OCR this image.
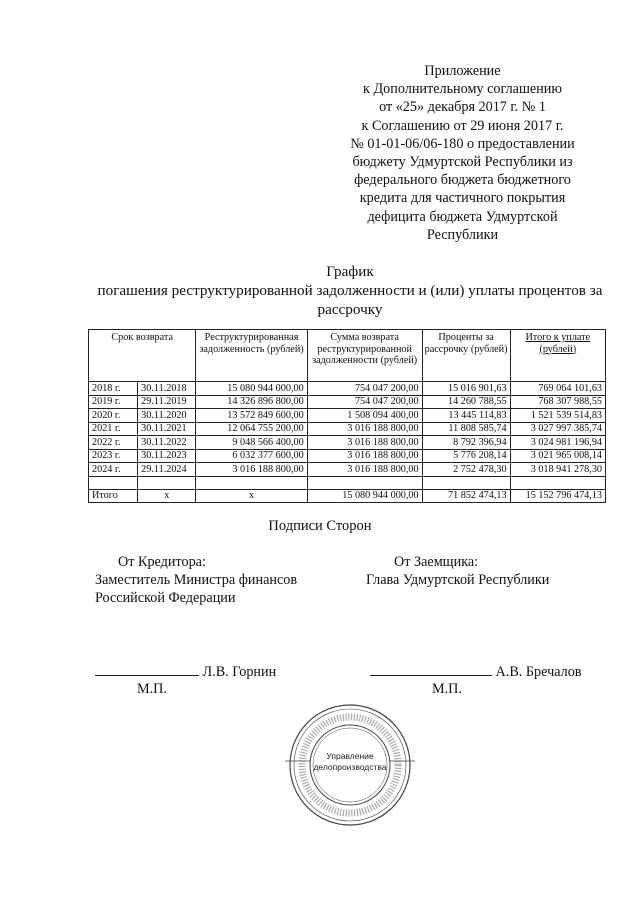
Приложение
к Дополнительному соглашению
от «25» декабря 2017 г. № 1
к Соглашению от 29 июня 2017 г.
№ 01-01-06/06-180 о предоставлении
бюджету Удмуртской Республики из
федерального бюджета бюджетного
кредита для частичного покрытия
дефицита бюджета Удмуртской
Республики
График
погашения реструктурированной задолженности и (или) уплаты процентов за
рассрочку
Срок возврата		Реструктурированная задолженность (рублей)	Сумма возврата реструктурированной задолженности (рублей)	Проценты за рассрочку (рублей)	Итого к уплате (рублей)
2018 г.	30.11.2018	15 080 944 000,00	754 047 200,00	15 016 901,63	769 064 101,63
2019 г.	29.11.2019	14 326 896 800,00	754 047 200,00	14 260 788,55	768 307 988,55
2020 г.	30.11.2020	13 572 849 600,00	1 508 094 400,00	13 445 114,83	1 521 539 514,83
2021 г.	30.11.2021	12 064 755 200,00	3 016 188 800,00	11 808 585,74	3 027 997 385,74
2022 г.	30.11.2022	9 048 566 400,00	3 016 188 800,00	8 792 396,94	3 024 981 196,94
2023 г.	30.11.2023	6 032 377 600,00	3 016 188 800,00	5 776 208,14	3 021 965 008,14
2024 г.	29.11.2024	3 016 188 800,00	3 016 188 800,00	2 752 478,30	3 018 941 278,30

Итого	x	x	15 080 944 000,00	71 852 474,13	15 152 796 474,13
Подписи Сторон
От Кредитора:
Заместитель Министра финансов
Российской Федерации
От Заемщика:
Глава Удмуртской Республики
Л.В. Горнин
М.П.
А.В. Бречалов
М.П.
Управление
делопроизводства
